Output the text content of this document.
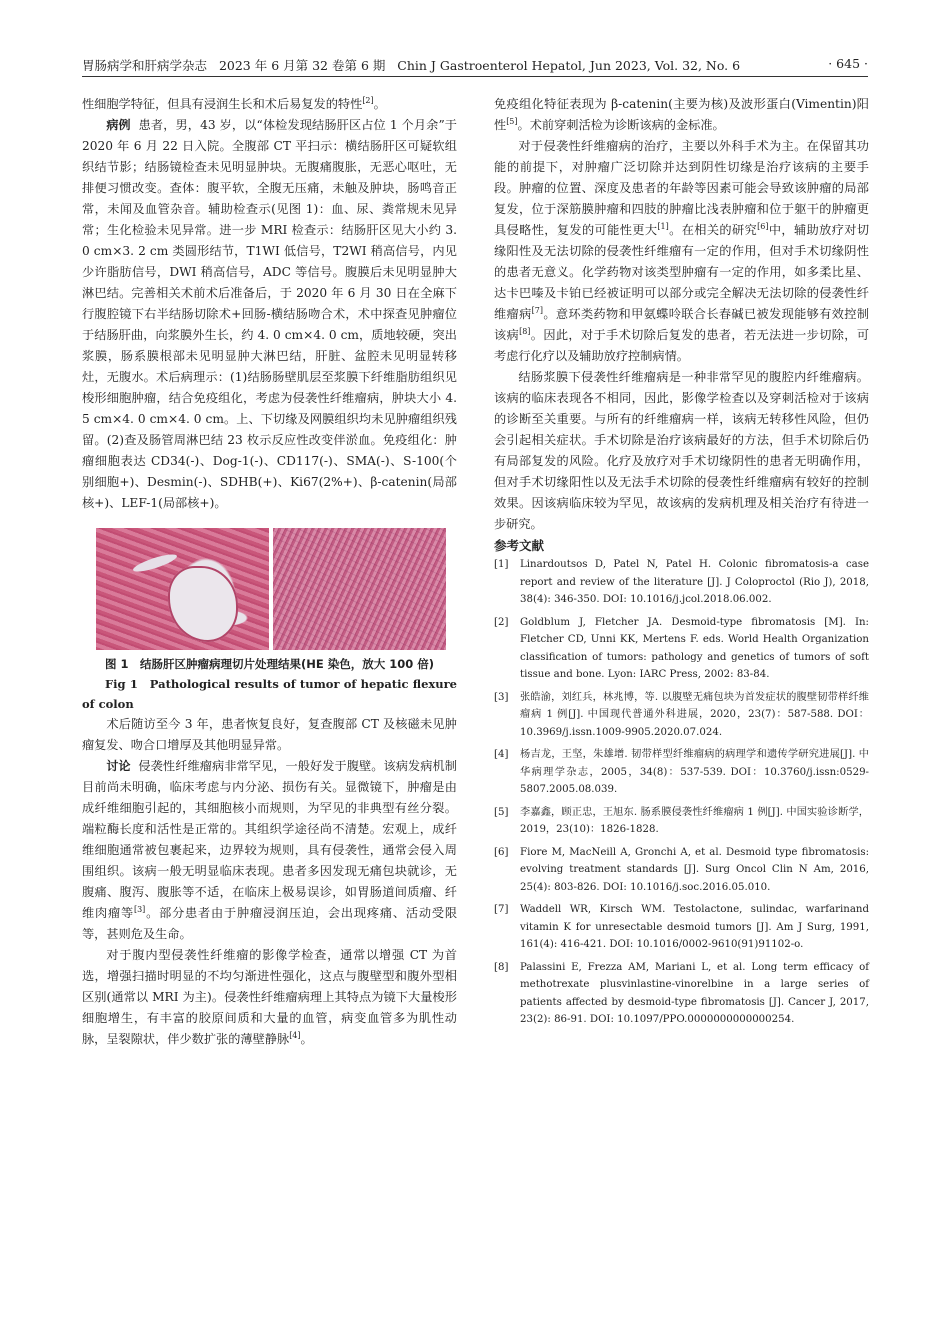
胃肠病学和肝病学杂志 2023 年 6 月第 32 卷第 6 期 Chin J Gastroenterol Hepatol, Jun 2023, Vol. 32, No. 6	· 645 ·

性细胞学特征，但具有浸润生长和术后易复发的特性[2]。

病例 患者，男，43 岁，以“体检发现结肠肝区占位 1 个月余”于 2020 年 6 月 22 日入院。全腹部 CT 平扫示：横结肠肝区可疑软组织结节影；结肠镜检查未见明显肿块。无腹痛腹胀，无恶心呕吐，无排便习惯改变。查体：腹平软，全腹无压痛，未触及肿块，肠鸣音正常，未闻及血管杂音。辅助检查示(见图 1)：血、尿、粪常规未见异常；生化检验未见异常。进一步 MRI 检查示：结肠肝区见大小约 3. 0 cm×3. 2 cm 类圆形结节，T1WI 低信号，T2WI 稍高信号，内见少许脂肪信号，DWI 稍高信号，ADC 等信号。腹膜后未见明显肿大淋巴结。完善相关术前术后准备后，于 2020 年 6 月 30 日在全麻下行腹腔镜下右半结肠切除术+回肠-横结肠吻合术，术中探查见肿瘤位于结肠肝曲，向浆膜外生长，约 4. 0 cm×4. 0 cm，质地较硬，突出浆膜，肠系膜根部未见明显肿大淋巴结，肝脏、盆腔未见明显转移灶，无腹水。术后病理示：(1)结肠肠壁肌层至浆膜下纤维脂肪组织见梭形细胞肿瘤，结合免疫组化，考虑为侵袭性纤维瘤病，肿块大小 4. 5 cm×4. 0 cm×4. 0 cm。上、下切缘及网膜组织均未见肿瘤组织残留。(2)查及肠管周淋巴结 23 枚示反应性改变伴淤血。免疫组化：肿瘤细胞表达 CD34(-)、Dog-1(-)、CD117(-)、SMA(-)、S-100(个别细胞+)、Desmin(-)、SDHB(+)、Ki67(2%+)、β-catenin(局部核+)、LEF-1(局部核+)。

图 1　结肠肝区肿瘤病理切片处理结果(HE 染色，放大 100 倍)

Fig 1　Pathological results of tumor of hepatic flexure of colon

术后随访至今 3 年，患者恢复良好，复查腹部 CT 及核磁未见肿瘤复发、吻合口增厚及其他明显异常。

讨论 侵袭性纤维瘤病非常罕见，一般好发于腹壁。该病发病机制目前尚未明确，临床考虑与内分泌、损伤有关。显微镜下，肿瘤是由成纤维细胞引起的，其细胞核小而规则，为罕见的非典型有丝分裂。端粒酶长度和活性是正常的。其组织学途径尚不清楚。宏观上，成纤维细胞通常被包裹起来，边界较为规则，具有侵袭性，通常会侵入周围组织。该病一般无明显临床表现。患者多因发现无痛包块就诊，无腹痛、腹泻、腹胀等不适，在临床上极易误诊，如胃肠道间质瘤、纤维肉瘤等[3]。部分患者由于肿瘤浸润压迫，会出现疼痛、活动受限等，甚则危及生命。

对于腹内型侵袭性纤维瘤的影像学检查，通常以增强 CT 为首选，增强扫描时明显的不均匀渐进性强化，这点与腹壁型和腹外型相区别(通常以 MRI 为主)。侵袭性纤维瘤病理上其特点为镜下大量梭形细胞增生，有丰富的胶原间质和大量的血管，病变血管多为肌性动脉，呈裂隙状，伴少数扩张的薄壁静脉[4]。

免疫组化特征表现为 β-catenin(主要为核)及波形蛋白(Vimentin)阳性[5]。术前穿刺活检为诊断该病的金标准。

对于侵袭性纤维瘤病的治疗，主要以外科手术为主。在保留其功能的前提下，对肿瘤广泛切除并达到阴性切缘是治疗该病的主要手段。肿瘤的位置、深度及患者的年龄等因素可能会导致该肿瘤的局部复发，位于深筋膜肿瘤和四肢的肿瘤比浅表肿瘤和位于躯干的肿瘤更具侵略性，复发的可能性更大[1]。在相关的研究[6]中，辅助放疗对切缘阳性及无法切除的侵袭性纤维瘤有一定的作用，但对手术切缘阴性的患者无意义。化学药物对该类型肿瘤有一定的作用，如多柔比星、达卡巴嗪及卡铂已经被证明可以部分或完全解决无法切除的侵袭性纤维瘤病[7]。意环类药物和甲氨蝶呤联合长春碱已被发现能够有效控制该病[8]。因此，对于手术切除后复发的患者，若无法进一步切除，可考虑行化疗以及辅助放疗控制病情。

结肠浆膜下侵袭性纤维瘤病是一种非常罕见的腹腔内纤维瘤病。该病的临床表现各不相同，因此，影像学检查以及穿刺活检对于该病的诊断至关重要。与所有的纤维瘤病一样，该病无转移性风险，但仍会引起相关症状。手术切除是治疗该病最好的方法，但手术切除后仍有局部复发的风险。化疗及放疗对手术切缘阴性的患者无明确作用，但对手术切缘阳性以及无法手术切除的侵袭性纤维瘤病有较好的控制效果。因该病临床较为罕见，故该病的发病机理及相关治疗有待进一步研究。

参考文献

[1]	Linardoutsos D, Patel N, Patel H. Colonic fibromatosis-a case report and review of the literature [J]. J Coloproctol (Rio J), 2018, 38(4): 346-350. DOI: 10.1016/j.jcol.2018.06.002.
[2]	Goldblum J, Fletcher JA. Desmoid-type fibromatosis [M]. In: Fletcher CD, Unni KK, Mertens F. eds. World Health Organization classification of tumors: pathology and genetics of tumors of soft tissue and bone. Lyon: IARC Press, 2002: 83-84.
[3]	张皓渝，刘红兵，林兆博，等. 以腹壁无痛包块为首发症状的腹壁韧带样纤维瘤病 1 例[J]. 中国现代普通外科进展，2020，23(7)：587-588. DOI：10.3969/j.issn.1009-9905.2020.07.024.
[4]	杨吉龙，王坚，朱雄增. 韧带样型纤维瘤病的病理学和遗传学研究进展[J]. 中华病理学杂志，2005，34(8)：537-539. DOI：10.3760/j.issn:0529-5807.2005.08.039.
[5]	李嘉鑫，顾正忠，王旭东. 肠系膜侵袭性纤维瘤病 1 例[J]. 中国实验诊断学，2019，23(10)：1826-1828.
[6]	Fiore M, MacNeill A, Gronchi A, et al. Desmoid type fibromatosis: evolving treatment standards [J]. Surg Oncol Clin N Am, 2016, 25(4): 803-826. DOI: 10.1016/j.soc.2016.05.010.
[7]	Waddell WR, Kirsch WM. Testolactone, sulindac, warfarinand vitamin K for unresectable desmoid tumors [J]. Am J Surg, 1991, 161(4): 416-421. DOI: 10.1016/0002-9610(91)91102-o.
[8]	Palassini E, Frezza AM, Mariani L, et al. Long term efficacy of methotrexate plusvinlastine-vinorelbine in a large series of patients affected by desmoid-type fibromatosis [J]. Cancer J, 2017, 23(2): 86-91. DOI: 10.1097/PPO.0000000000000254.
